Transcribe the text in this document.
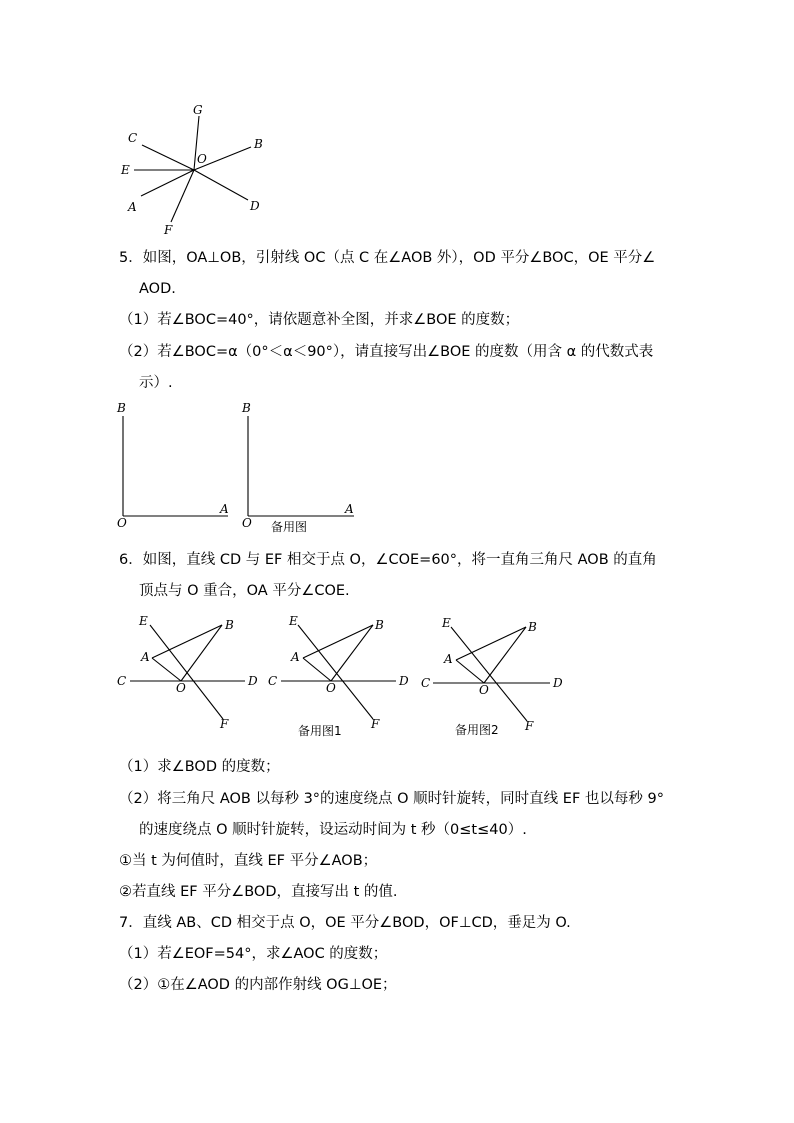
G
C	B
O
E
A	D
F
5．如图，OA⊥OB，引射线 OC（点 C 在∠AOB 外），OD 平分∠BOC，OE 平分∠
AOD.
（1）若∠BOC=40°，请依题意补全图，并求∠BOE 的度数；
（2）若∠BOC=α（0°＜α＜90°），请直接写出∠BOE 的度数（用含 α 的代数式表
示）.
B
O
A
B
O
A
备用图
6．如图，直线 CD 与 EF 相交于点 O，∠COE=60°，将一直角三角尺 AOB 的直角
顶点与 O 重合，OA 平分∠COE.
E	B
A
C	O	D
F
E	B
A
C	O	D
F
备用图1
E	B
A
C	O	D
F
备用图2
（1）求∠BOD 的度数；
（2）将三角尺 AOB 以每秒 3°的速度绕点 O 顺时针旋转，同时直线 EF 也以每秒 9°
的速度绕点 O 顺时针旋转，设运动时间为 t 秒（0≤t≤40）.
①当 t 为何值时，直线 EF 平分∠AOB；
②若直线 EF 平分∠BOD，直接写出 t 的值.
7．直线 AB、CD 相交于点 O，OE 平分∠BOD，OF⊥CD，垂足为 O.
（1）若∠EOF=54°，求∠AOC 的度数；
（2）①在∠AOD 的内部作射线 OG⊥OE；
